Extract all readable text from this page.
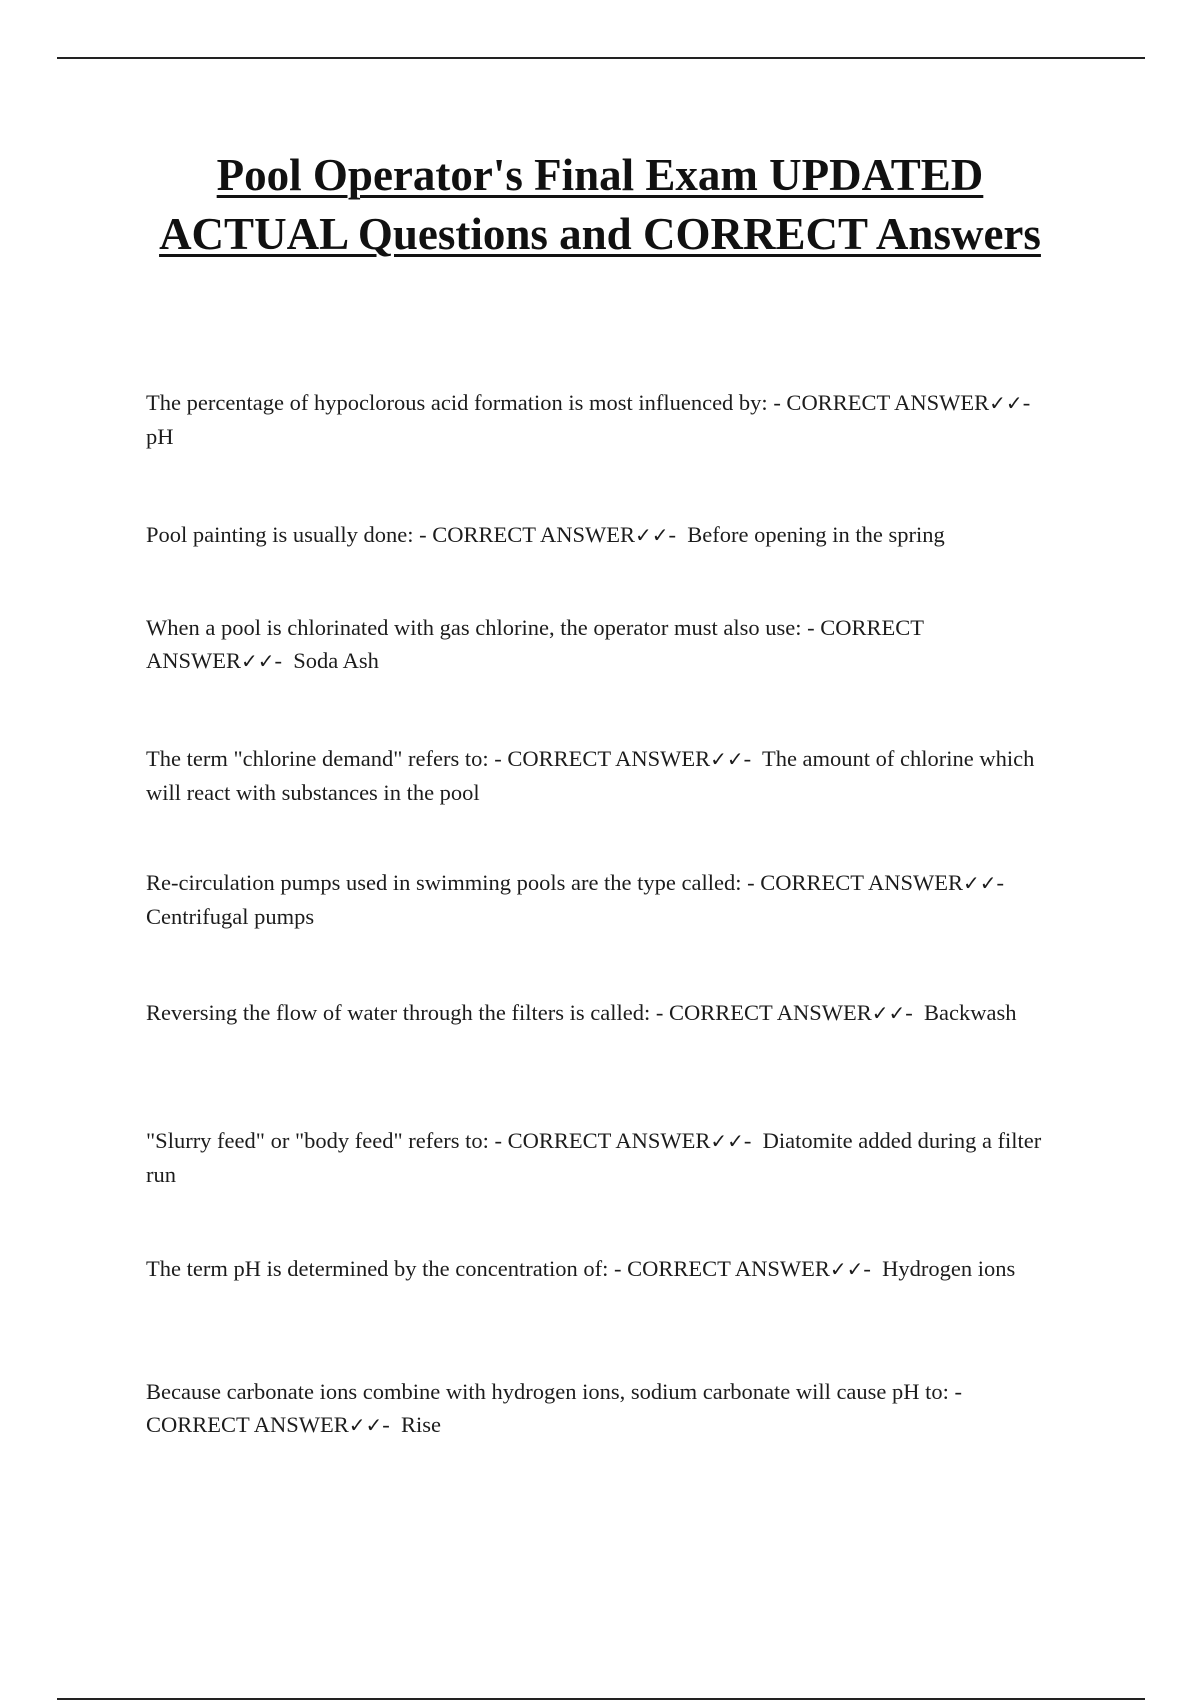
Pool Operator's Final Exam UPDATED ACTUAL Questions and CORRECT Answers

The percentage of hypoclorous acid formation is most influenced by: - CORRECT ANSWER✓✓-  pH

Pool painting is usually done: - CORRECT ANSWER✓✓-  Before opening in the spring

When a pool is chlorinated with gas chlorine, the operator must also use: - CORRECT ANSWER✓✓-  Soda Ash

The term "chlorine demand" refers to: - CORRECT ANSWER✓✓-  The amount of chlorine which will react with substances in the pool

Re-circulation pumps used in swimming pools are the type called: - CORRECT ANSWER✓✓-  Centrifugal pumps

Reversing the flow of water through the filters is called: - CORRECT ANSWER✓✓-  Backwash

"Slurry feed" or "body feed" refers to: - CORRECT ANSWER✓✓-  Diatomite added during a filter run

The term pH is determined by the concentration of: - CORRECT ANSWER✓✓-  Hydrogen ions

Because carbonate ions combine with hydrogen ions, sodium carbonate will cause pH to: - CORRECT ANSWER✓✓-  Rise
